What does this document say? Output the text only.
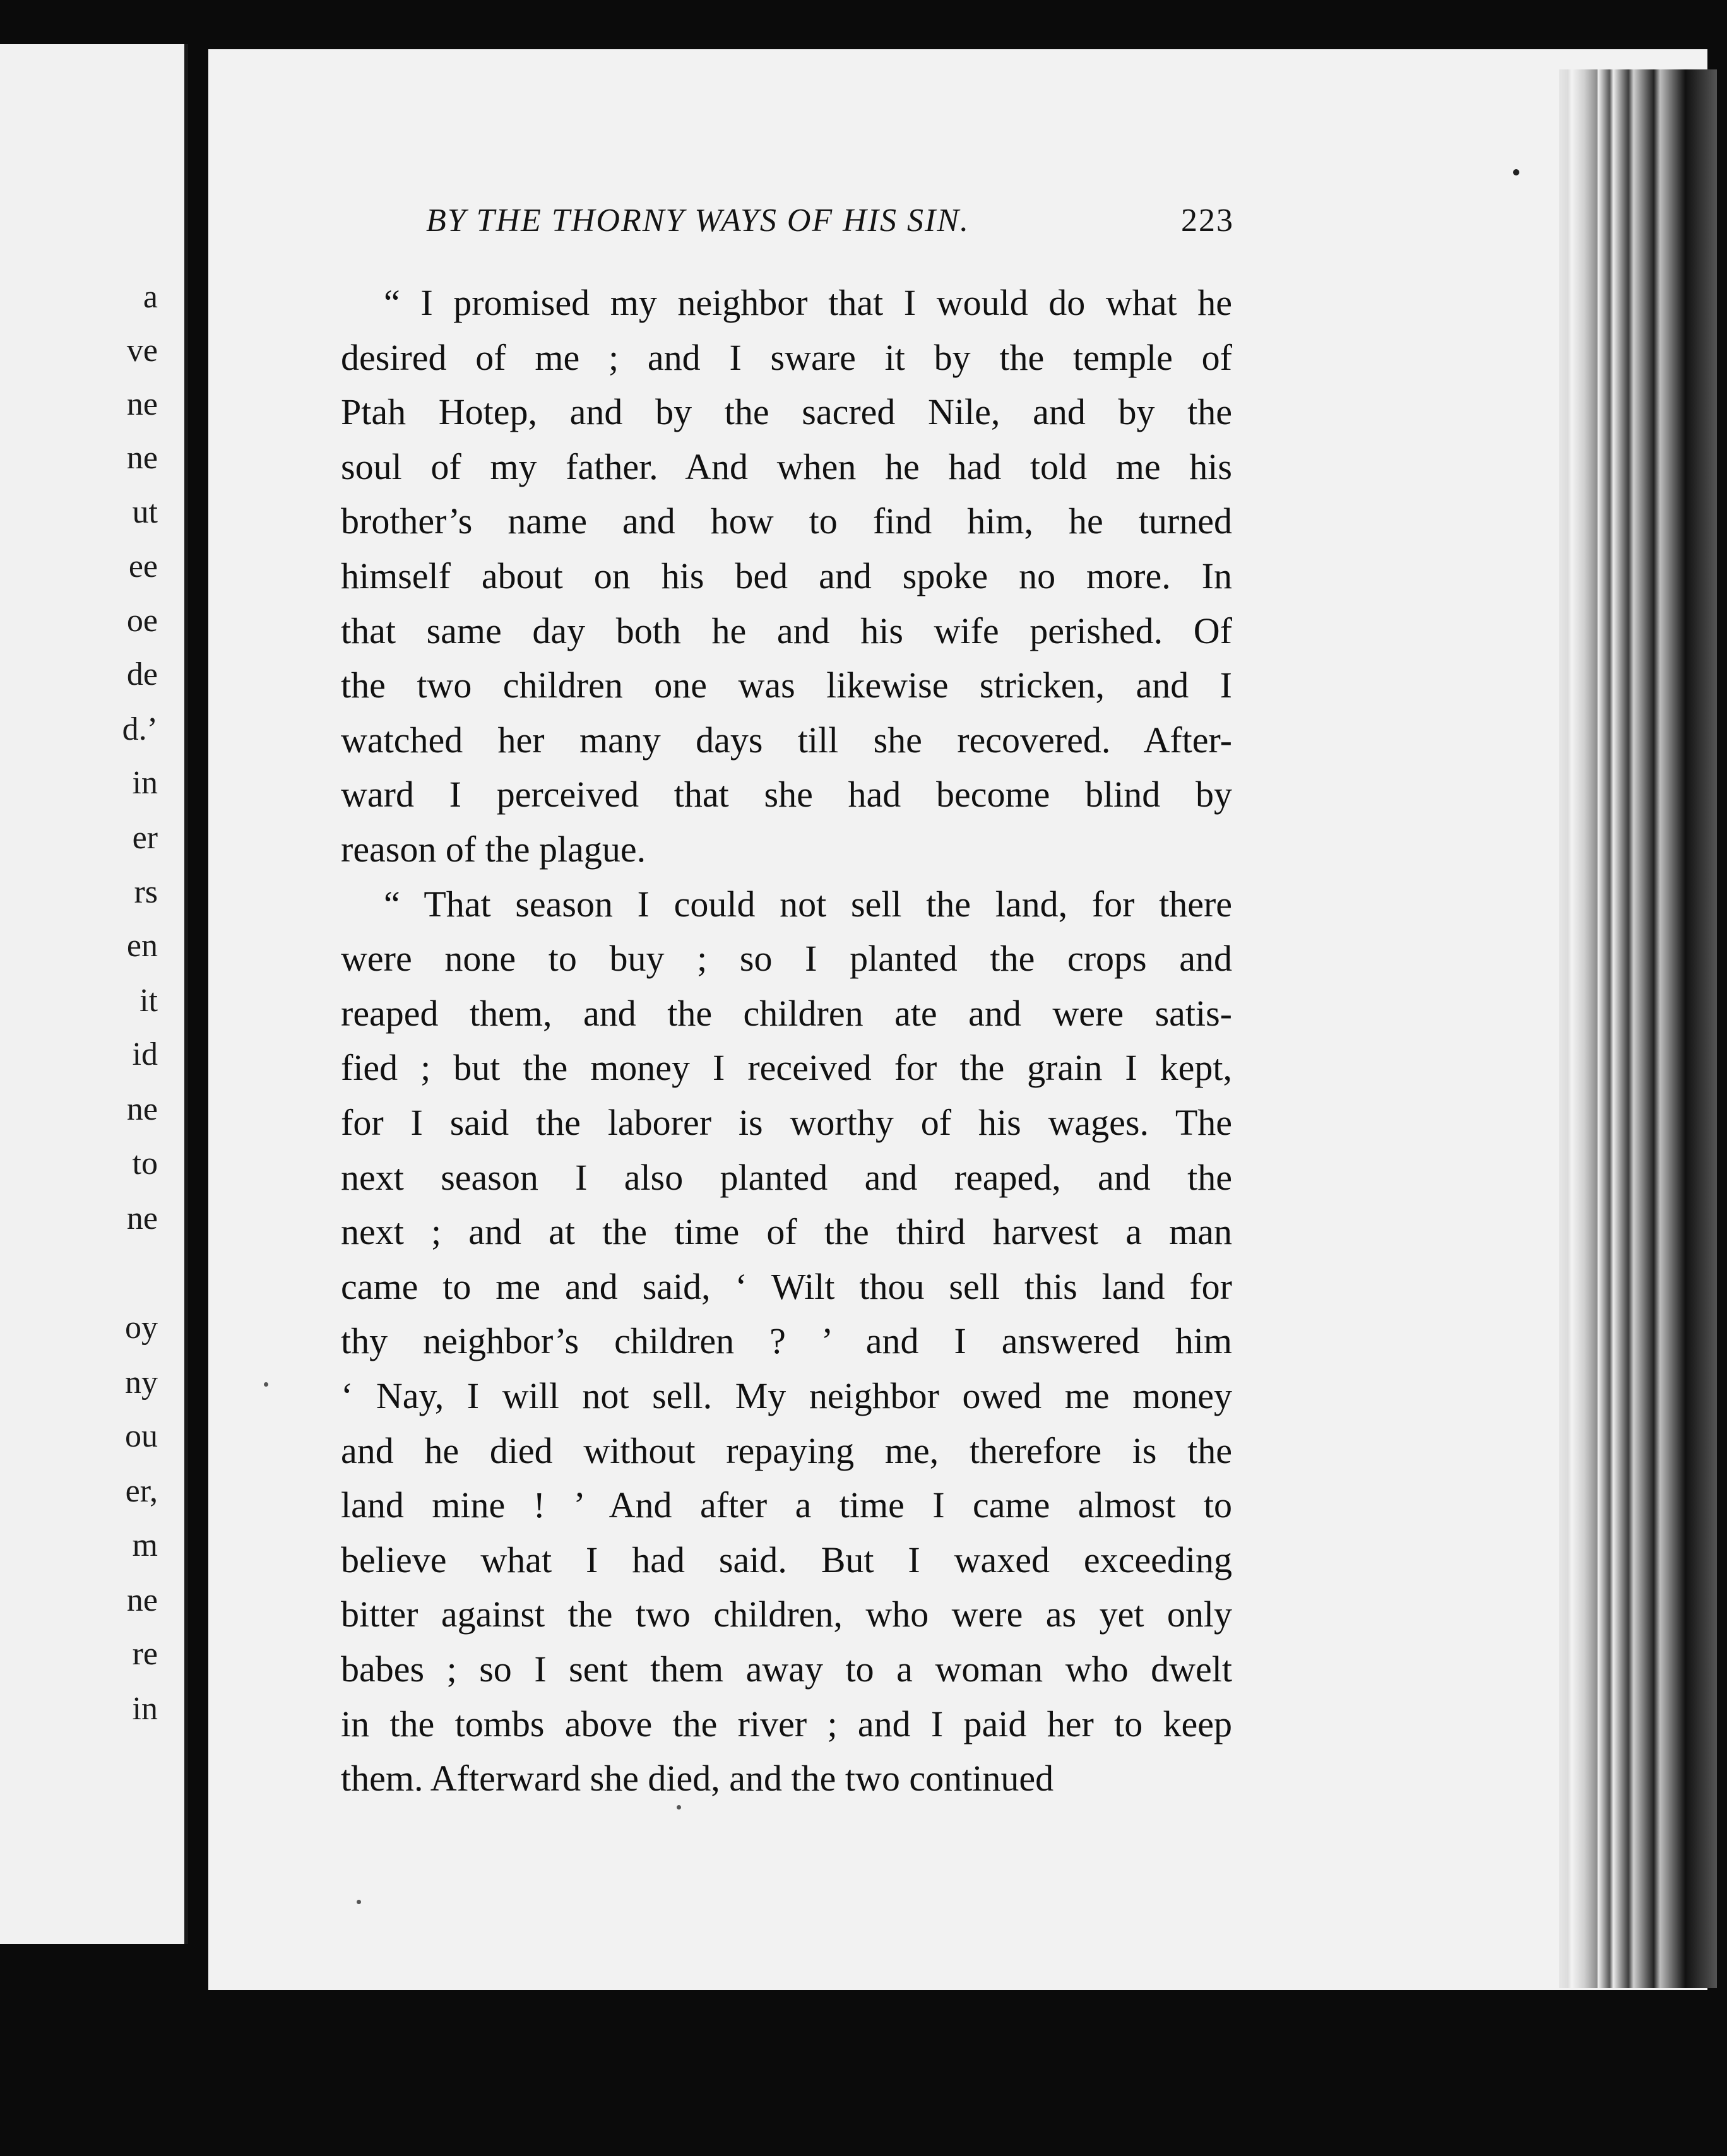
a
ve
ne
ne
ut
ee
oe
de
d.’
in
er
rs
en
it
id
ne
to
ne
oy
ny
ou
er,
m
ne
re
in
BY THE THORNY WAYS OF HIS SIN.	223
“ I promised my neighbor that I would do what he
desired of me ; and I sware it by the temple of
Ptah Hotep, and by the sacred Nile, and by the
soul of my father. And when he had told me his
brother’s name and how to find him, he turned
himself about on his bed and spoke no more. In
that same day both he and his wife perished. Of
the two children one was likewise stricken, and I
watched her many days till she recovered. After-
ward I perceived that she had become blind by
reason of the plague.
“ That season I could not sell the land, for there
were none to buy ; so I planted the crops and
reaped them, and the children ate and were satis-
fied ; but the money I received for the grain I kept,
for I said the laborer is worthy of his wages. The
next season I also planted and reaped, and the
next ; and at the time of the third harvest a man
came to me and said, ‘ Wilt thou sell this land for
thy neighbor’s children ? ’ and I answered him
‘ Nay, I will not sell. My neighbor owed me money
and he died without repaying me, therefore is the
land mine ! ’ And after a time I came almost to
believe what I had said. But I waxed exceeding
bitter against the two children, who were as yet only
babes ; so I sent them away to a woman who dwelt
in the tombs above the river ; and I paid her to keep
them. Afterward she died, and the two continued
